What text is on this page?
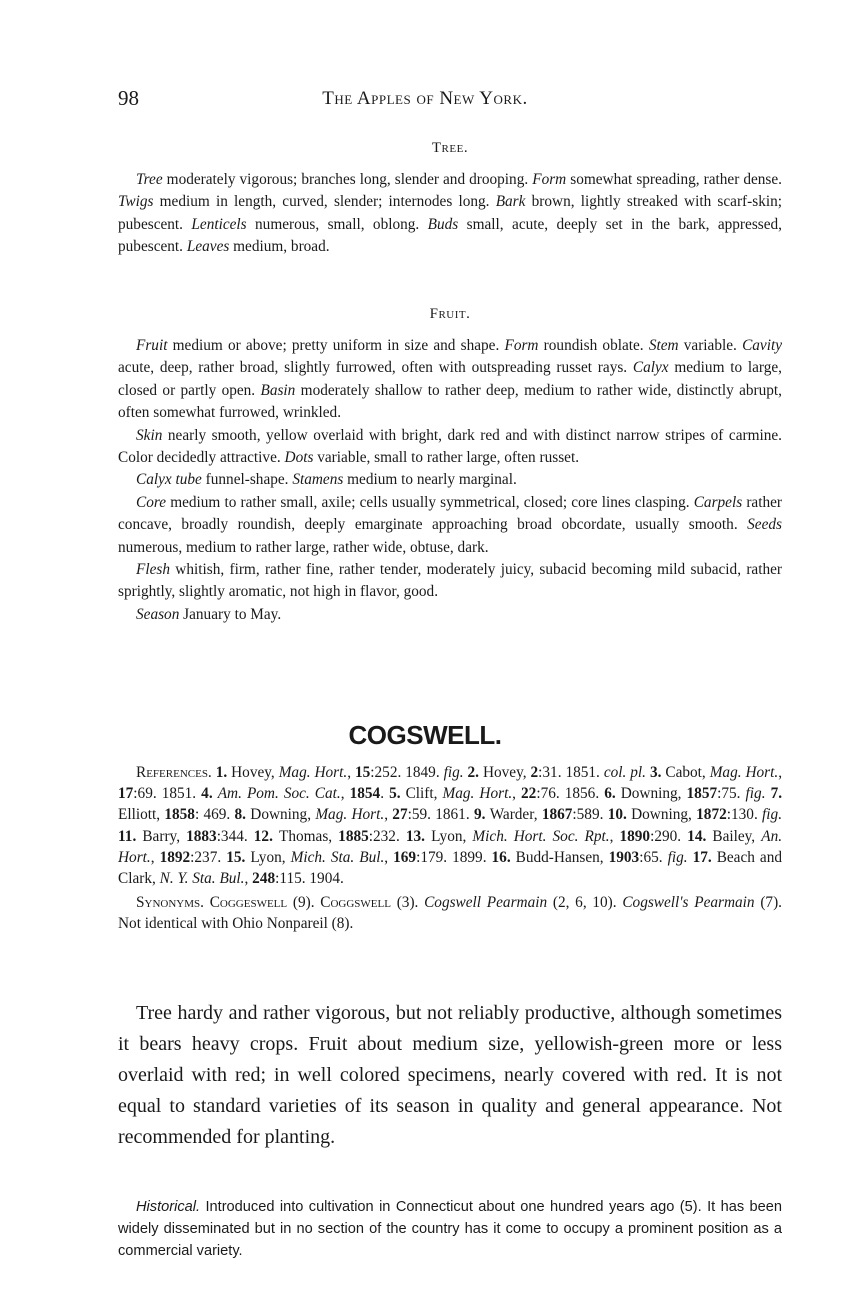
98	The Apples of New York.
Tree.

Tree moderately vigorous; branches long, slender and drooping. Form somewhat spreading, rather dense. Twigs medium in length, curved, slender; internodes long. Bark brown, lightly streaked with scarf-skin; pubescent. Lenticels numerous, small, oblong. Buds small, acute, deeply set in the bark, appressed, pubescent. Leaves medium, broad.

Fruit.

Fruit medium or above; pretty uniform in size and shape. Form roundish oblate. Stem variable. Cavity acute, deep, rather broad, slightly furrowed, often with outspreading russet rays. Calyx medium to large, closed or partly open. Basin moderately shallow to rather deep, medium to rather wide, distinctly abrupt, often somewhat furrowed, wrinkled.

Skin nearly smooth, yellow overlaid with bright, dark red and with distinct narrow stripes of carmine. Color decidedly attractive. Dots variable, small to rather large, often russet.

Calyx tube funnel-shape. Stamens medium to nearly marginal.

Core medium to rather small, axile; cells usually symmetrical, closed; core lines clasping. Carpels rather concave, broadly roundish, deeply emarginate approaching broad obcordate, usually smooth. Seeds numerous, medium to rather large, rather wide, obtuse, dark.

Flesh whitish, firm, rather fine, rather tender, moderately juicy, subacid becoming mild subacid, rather sprightly, slightly aromatic, not high in flavor, good.

Season January to May.

COGSWELL.

References. 1. Hovey, Mag. Hort., 15:252. 1849. fig. 2. Hovey, 2:31. 1851. col. pl. 3. Cabot, Mag. Hort., 17:69. 1851. 4. Am. Pom. Soc. Cat., 1854. 5. Clift, Mag. Hort., 22:76. 1856. 6. Downing, 1857:75. fig. 7. Elliott, 1858: 469. 8. Downing, Mag. Hort., 27:59. 1861. 9. Warder, 1867:589. 10. Downing, 1872:130. fig. 11. Barry, 1883:344. 12. Thomas, 1885:232. 13. Lyon, Mich. Hort. Soc. Rpt., 1890:290. 14. Bailey, An. Hort., 1892:237. 15. Lyon, Mich. Sta. Bul., 169:179. 1899. 16. Budd-Hansen, 1903:65. fig. 17. Beach and Clark, N. Y. Sta. Bul., 248:115. 1904.

Synonyms. Coggeswell (9). Coggswell (3). Cogswell Pearmain (2, 6, 10). Cogswell's Pearmain (7). Not identical with Ohio Nonpareil (8).

Tree hardy and rather vigorous, but not reliably productive, although sometimes it bears heavy crops. Fruit about medium size, yellowish-green more or less overlaid with red; in well colored specimens, nearly covered with red. It is not equal to standard varieties of its season in quality and general appearance. Not recommended for planting.

Historical. Introduced into cultivation in Connecticut about one hundred years ago (5). It has been widely disseminated but in no section of the country has it come to occupy a prominent position as a commercial variety.
